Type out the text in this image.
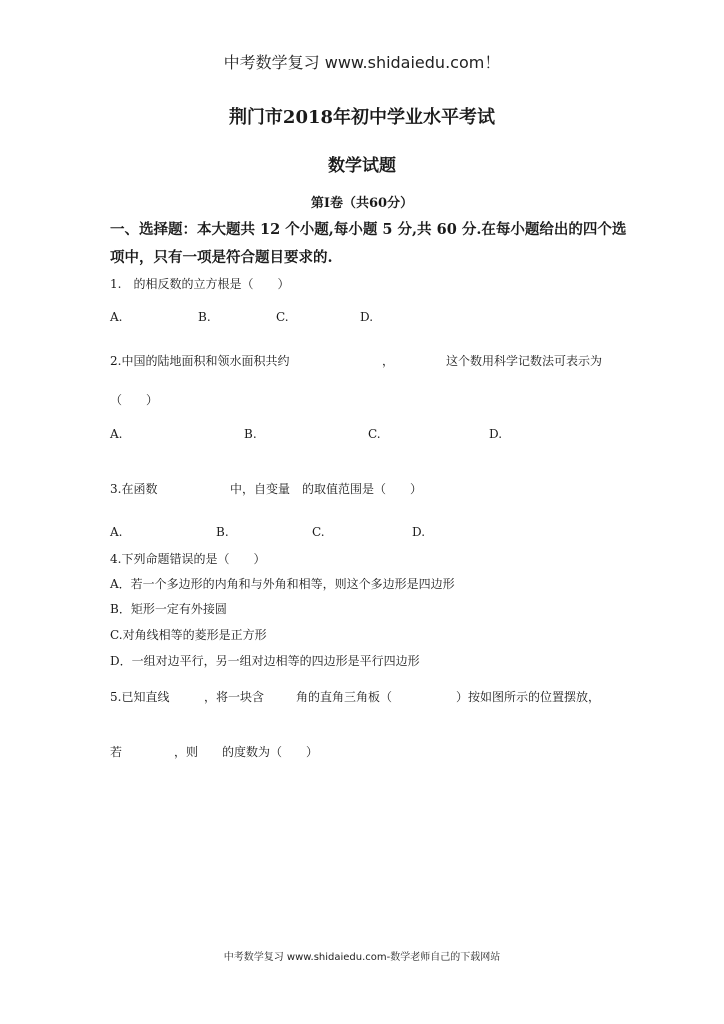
中考数学复习 www.shidaiedu.com！
荆门市2018年初中学业水平考试
数学试题
第Ⅰ卷（共60分）
一、选择题：本大题共 12 个小题,每小题 5 分,共 60 分.在每小题给出的四个选
项中，只有一项是符合题目要求的.
1.　的相反数的立方根是（　　）
A.	B.	C.	D.
2.中国的陆地面积和领水面积共约	，	这个数用科学记数法可表示为
（　　）
A.	B.	C.	D.
3.在函数	中，自变量 的取值范围是（　　）
A.	B.	C.	D.
4.下列命题错误的是（　　）
A．若一个多边形的内角和与外角和相等，则这个多边形是四边形
B．矩形一定有外接圆
C.对角线相等的菱形是正方形
D．一组对边平行，另一组对边相等的四边形是平行四边形
5.已知直线	，将一块含	角的直角三角板（	）按如图所示的位置摆放，
若	，则 的度数为（　　）
中考数学复习 www.shidaiedu.com-数学老师自己的下载网站
